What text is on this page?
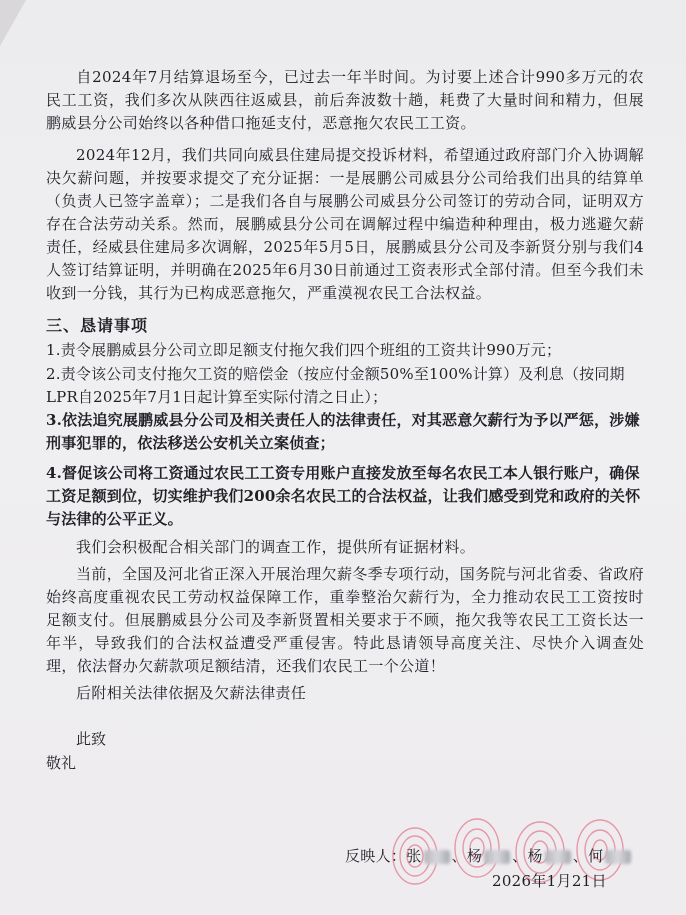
自2024年7月结算退场至今，已过去一年半时间。为讨要上述合计990多万元的农民工工资，我们多次从陕西往返威县，前后奔波数十趟，耗费了大量时间和精力，但展鹏威县分公司始终以各种借口拖延支付，恶意拖欠农民工工资。

2024年12月，我们共同向威县住建局提交投诉材料，希望通过政府部门介入协调解决欠薪问题，并按要求提交了充分证据：一是展鹏公司威县分公司给我们出具的结算单（负责人已签字盖章）；二是我们各自与展鹏公司威县分公司签订的劳动合同，证明双方存在合法劳动关系。然而，展鹏威县分公司在调解过程中编造种种理由，极力逃避欠薪责任，经威县住建局多次调解，2025年5月5日，展鹏威县分公司及李新贤分别与我们4人签订结算证明，并明确在2025年6月30日前通过工资表形式全部付清。但至今我们未收到一分钱，其行为已构成恶意拖欠，严重漠视农民工合法权益。

三、恳请事项

1.责令展鹏威县分公司立即足额支付拖欠我们四个班组的工资共计990万元；

2.责令该公司支付拖欠工资的赔偿金（按应付金额50%至100%计算）及利息（按同期LPR自2025年7月1日起计算至实际付清之日止）；

3.依法追究展鹏威县分公司及相关责任人的法律责任，对其恶意欠薪行为予以严惩，涉嫌刑事犯罪的，依法移送公安机关立案侦查；

4.督促该公司将工资通过农民工工资专用账户直接发放至每名农民工本人银行账户，确保工资足额到位，切实维护我们200余名农民工的合法权益，让我们感受到党和政府的关怀与法律的公平正义。

我们会积极配合相关部门的调查工作，提供所有证据材料。

当前，全国及河北省正深入开展治理欠薪冬季专项行动，国务院与河北省委、省政府始终高度重视农民工劳动权益保障工作，重拳整治欠薪行为，全力推动农民工工资按时足额支付。但展鹏威县分公司及李新贤置相关要求于不顾，拖欠我等农民工工资长达一年半，导致我们的合法权益遭受严重侵害。特此恳请领导高度关注、尽快介入调查处理，依法督办欠薪款项足额结清，还我们农民工一个公道！

后附相关法律依据及欠薪法律责任

此致

敬礼

反映人：张 、杨 、杨 、何
2026年1月21日
